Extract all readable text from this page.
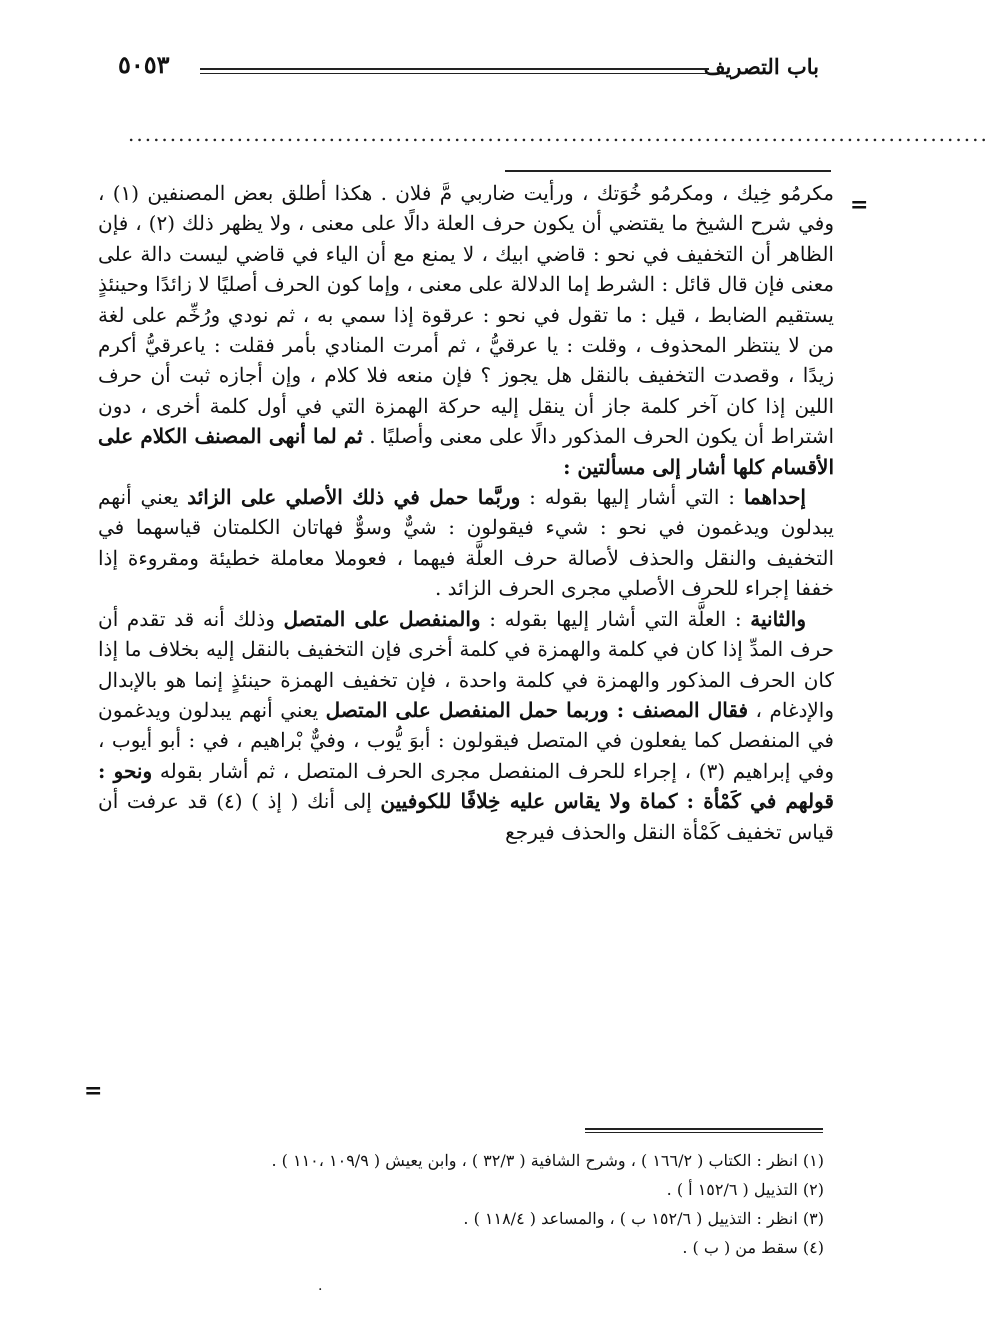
باب التصريف
٥٠٥٣
.......................................................................................................
=

مكرمُو خِيك ، ومكرمُو خُوَتك ، ورأيت ضاربي مَّ فلان . هكذا أطلق بعض المصنفين (١) ، وفي شرح الشيخ ما يقتضي أن يكون حرف العلة دالًا على معنى ، ولا يظهر ذلك (٢) ، فإن الظاهر أن التخفيف في نحو : قاضي ابيك ، لا يمنع مع أن الياء في قاضي ليست دالة على معنى فإن قال قائل : الشرط إما الدلالة على معنى ، وإما كون الحرف أصليًا لا زائدًا وحينئذٍ يستقيم الضابط ، قيل : ما تقول في نحو : عرقوة إذا سمي به ، ثم نودي ورُخِّم على لغة من لا ينتظر المحذوف ، وقلت : يا عرقيُّ ، ثم أمرت المنادي بأمر فقلت : ياعرقيُّ أكرم زيدًا ، وقصدت التخفيف بالنقل هل يجوز ؟ فإن منعه فلا كلام ، وإن أجازه ثبت أن حرف اللين إذا كان آخر كلمة جاز أن ينقل إليه حركة الهمزة التي في أول كلمة أخرى ، دون اشتراط أن يكون الحرف المذكور دالًا على معنى وأصليًا . ثم لما أنهى المصنف الكلام على الأقسام كلها أشار إلى مسألتين :

إحداهما : التي أشار إليها بقوله : وربَّما حمل في ذلك الأصلي على الزائد يعني أنهم يبدلون ويدغمون في نحو : شيء فيقولون : شيٌّ وسوٌّ فهاتان الكلمتان قياسهما في التخفيف والنقل والحذف لأصالة حرف العلَّة فيهما ، فعوملا معاملة خطيئة ومقروءة إذا خففا إجراء للحرف الأصلي مجرى الحرف الزائد .

والثانية : العلَّة التي أشار إليها بقوله : والمنفصل على المتصل وذلك أنه قد تقدم أن حرف المدِّ إذا كان في كلمة والهمزة في كلمة أخرى فإن التخفيف بالنقل إليه بخلاف ما إذا كان الحرف المذكور والهمزة في كلمة واحدة ، فإن تخفيف الهمزة حينئذٍ إنما هو بالإبدال والإدغام ، فقال المصنف : وربما حمل المنفصل على المتصل يعني أنهم يبدلون ويدغمون في المنفصل كما يفعلون في المتصل فيقولون : أبوَ يُّوب ، وفيٌّ بْراهيم ، في : أبو أيوب ، وفي إبراهيم (٣) ، إجراء للحرف المنفصل مجرى الحرف المتصل ، ثم أشار بقوله ونحو : قولهم في كَمْأة : كماة ولا يقاس عليه خِلافًا للكوفيين إلى أنك ( إذ ) (٤) قد عرفت أن قياس تخفيف كَمْأة النقل والحذف فيرجع

=

(١) انظر : الكتاب ( ١٦٦/٢ ) ، وشرح الشافية ( ٣٢/٣ ) ، وابن يعيش ( ١٠٩/٩ ،١١٠ ) .

(٢) التذييل ( ١٥٢/٦ أ ) .

(٣) انظر : التذييل ( ١٥٢/٦ ب ) ، والمساعد ( ١١٨/٤ ) .

(٤) سقط من ( ب ) .

.
